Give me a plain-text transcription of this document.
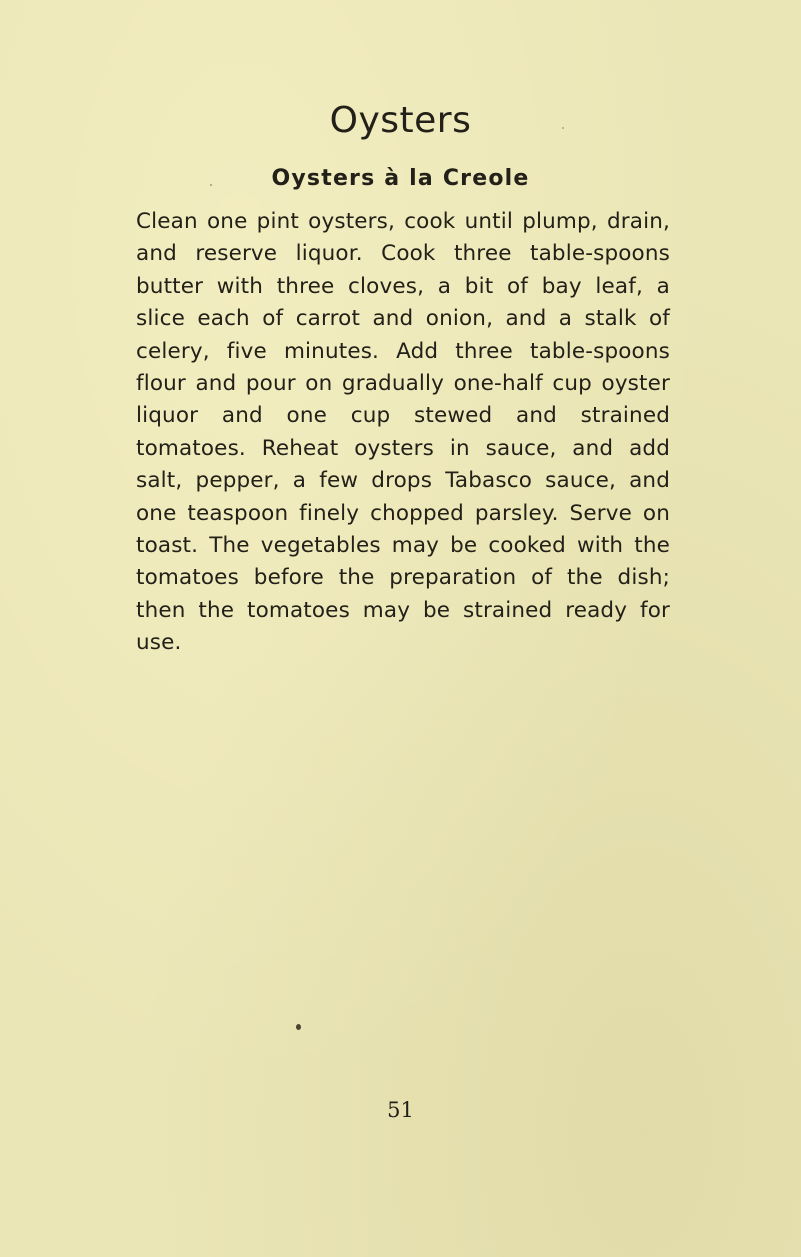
Oysters
Oysters à la Creole

Clean one pint oysters, cook until plump, drain, and reserve liquor. Cook three table-spoons butter with three cloves, a bit of bay leaf, a slice each of carrot and onion, and a stalk of celery, five minutes. Add three table-spoons flour and pour on gradually one-half cup oyster liquor and one cup stewed and strained tomatoes. Reheat oysters in sauce, and add salt, pepper, a few drops Tabasco sauce, and one teaspoon finely chopped parsley. Serve on toast. The vegetables may be cooked with the tomatoes before the preparation of the dish; then the tomatoes may be strained ready for use.

51
